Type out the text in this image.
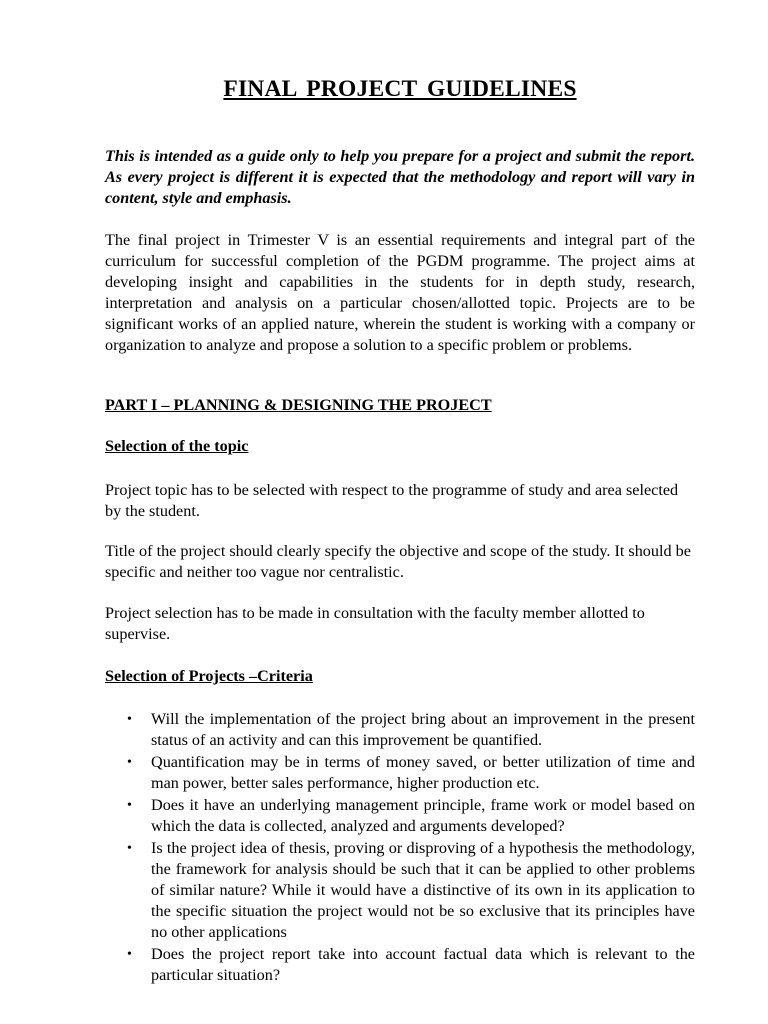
FINAL PROJECT GUIDELINES
This is intended as a guide only to help you prepare for a project and submit the report. As every project is different it is expected that the methodology and report will vary in content, style and emphasis.
The final project in Trimester V is an essential requirements and integral part of the curriculum for successful completion of the PGDM programme. The project aims at developing insight and capabilities in the students for in depth study, research, interpretation and analysis on a particular chosen/allotted topic. Projects are to be significant works of an applied nature, wherein the student is working with a company or organization to analyze and propose a solution to a specific problem or problems.
PART I – PLANNING & DESIGNING THE PROJECT
Selection of the topic
Project topic has to be selected with respect to the programme of study and area selected by the student.
Title of the project should clearly specify the objective and scope of the study. It should be specific and neither too vague nor centralistic.
Project selection has to be made in consultation with the faculty member allotted to supervise.
Selection of Projects –Criteria
• Will the implementation of the project bring about an improvement in the present status of an activity and can this improvement be quantified.
• Quantification may be in terms of money saved, or better utilization of time and man power, better sales performance, higher production etc.
• Does it have an underlying management principle, frame work or model based on which the data is collected, analyzed and arguments developed?
• Is the project idea of thesis, proving or disproving of a hypothesis the methodology, the framework for analysis should be such that it can be applied to other problems of similar nature? While it would have a distinctive of its own in its application to the specific situation the project would not be so exclusive that its principles have no other applications
• Does the project report take into account factual data which is relevant to the particular situation?
